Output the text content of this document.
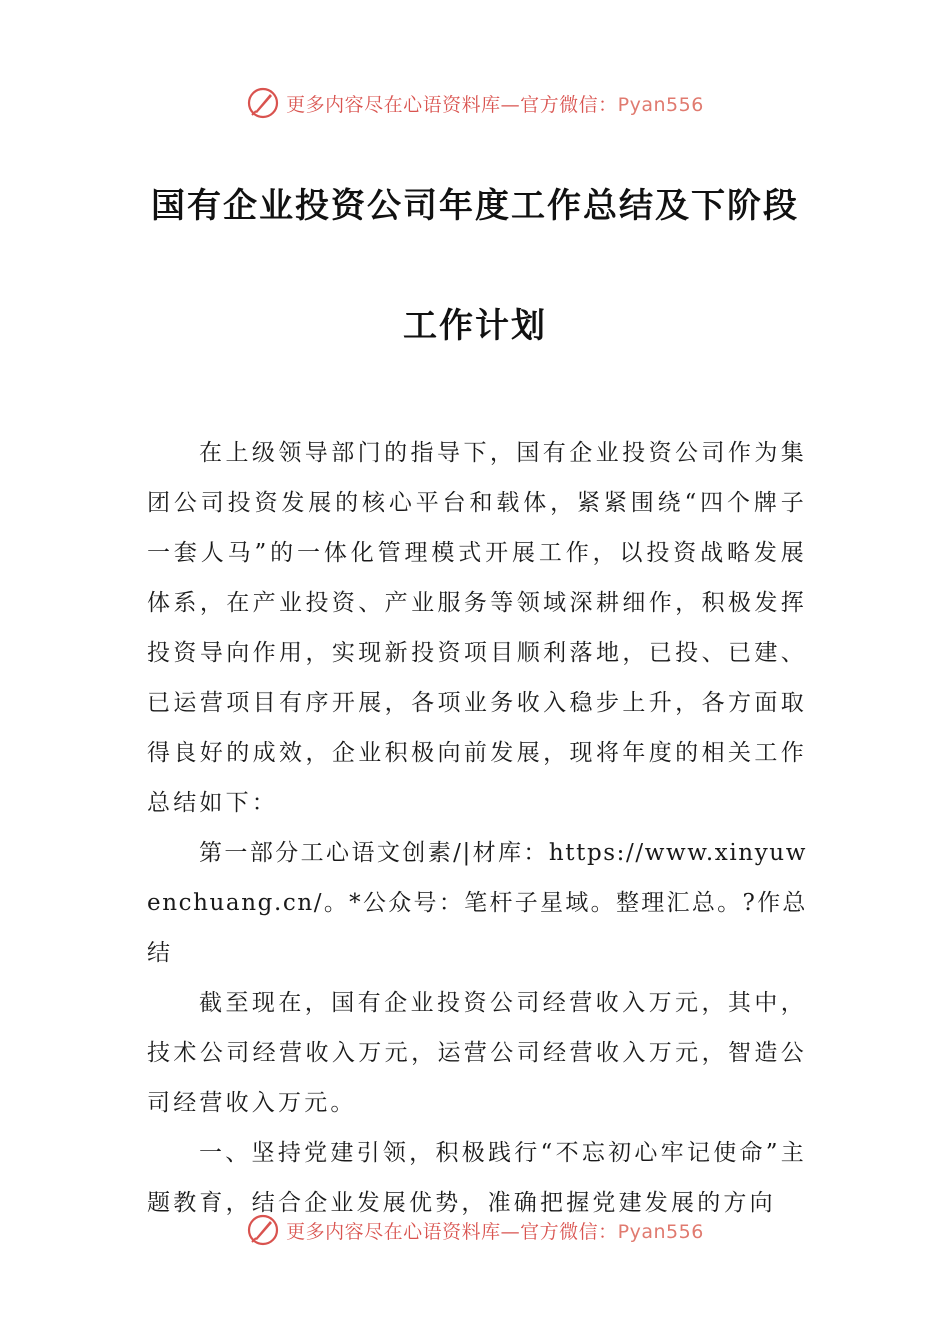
更多内容尽在心语资料库—官方微信：Pyan556
国有企业投资公司年度工作总结及下阶段
工作计划

在上级领导部门的指导下，国有企业投资公司作为集团公司投资发展的核心平台和载体，紧紧围绕“四个牌子一套人马”的一体化管理模式开展工作，以投资战略发展体系，在产业投资、产业服务等领域深耕细作，积极发挥投资导向作用，实现新投资项目顺利落地，已投、已建、已运营项目有序开展，各项业务收入稳步上升，各方面取得良好的成效，企业积极向前发展，现将年度的相关工作总结如下：

第一部分工心语文创素/|材库：https://www.xinyuwenchuang.cn/。*公众号：笔杆子星域。整理汇总。?作总结

截至现在，国有企业投资公司经营收入万元，其中，技术公司经营收入万元，运营公司经营收入万元，智造公司经营收入万元。

一、坚持党建引领，积极践行“不忘初心牢记使命”主题教育，结合企业发展优势，准确把握党建发展的方向

更多内容尽在心语资料库—官方微信：Pyan556
